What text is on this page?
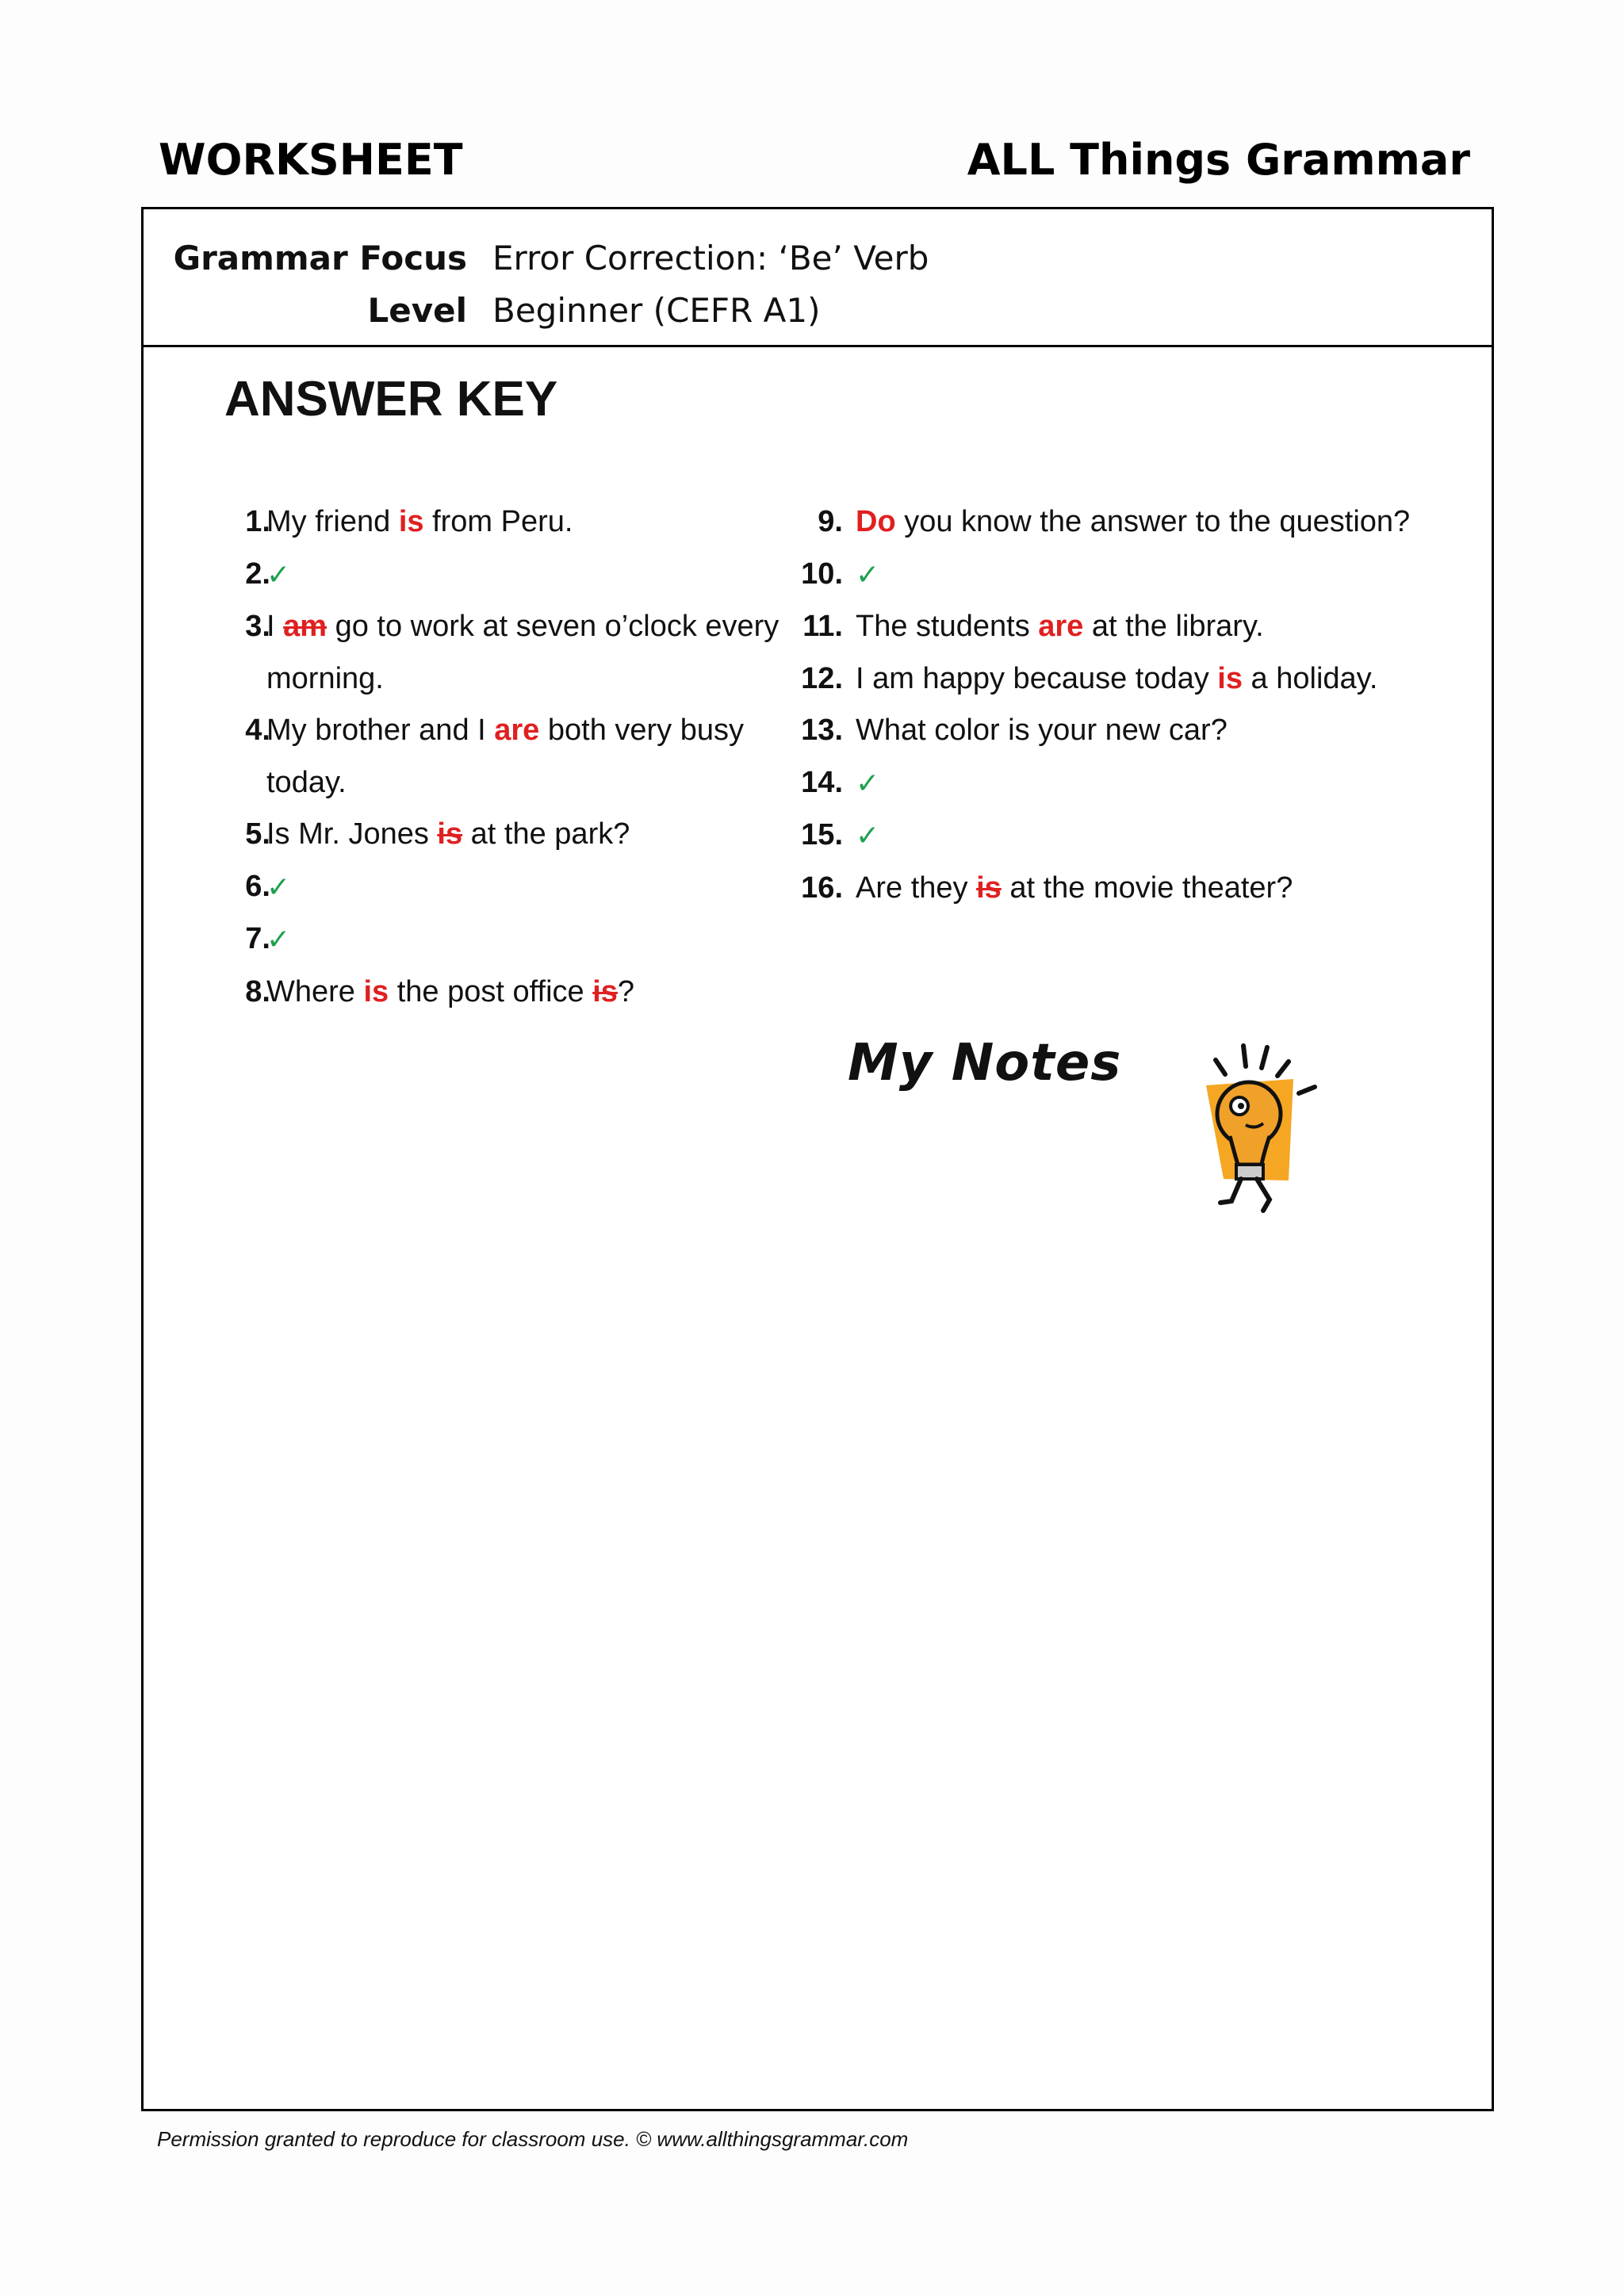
WORKSHEET	ALL Things Grammar
Grammar Focus Error Correction: ‘Be’ Verb
Level Beginner (CEFR A1)
ANSWER KEY
1.
My friend is from Peru.
2.
✓
3.
I am go to work at seven o’clock every morning.
4.
My brother and I are both very busy today.
5.
Is Mr. Jones is at the park?
6.
✓
7.
✓
8.
Where is the post office is?
9. Do you know the answer to the question?
10. ✓
11. The students are at the library.
12. I am happy because today is a holiday.
13. What color is your new car?
14. ✓
15. ✓
16. Are they is at the movie theater?
My Notes
Permission granted to reproduce for classroom use. © www.allthingsgrammar.com
